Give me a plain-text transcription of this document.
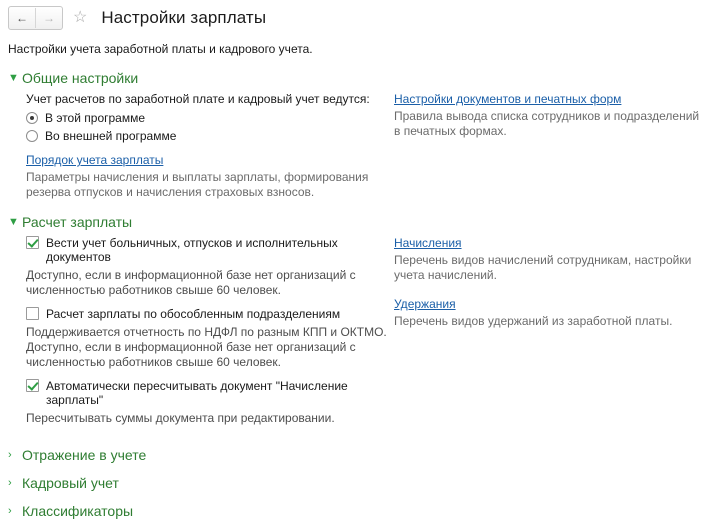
← → ☆ Настройки зарплаты
Настройки учета заработной платы и кадрового учета.
▼ Общие настройки
Учет расчетов по заработной плате и кадровый учет ведутся:
В этой программе
Во внешней программе
Порядок учета зарплаты
Параметры начисления и выплаты зарплаты, формирования резерва отпусков и начисления страховых взносов.
Настройки документов и печатных форм
Правила вывода списка сотрудников и подразделений в печатных формах.
▼ Расчет зарплаты
Вести учет больничных, отпусков и исполнительных документов
Доступно, если в информационной базе нет организаций с численностью работников свыше 60 человек.
Расчет зарплаты по обособленным подразделениям
Поддерживается отчетность по НДФЛ по разным КПП и ОКТМО. Доступно, если в информационной базе нет организаций с численностью работников свыше 60 человек.
Автоматически пересчитывать документ "Начисление зарплаты"
Пересчитывать суммы документа при редактировании.
Начисления
Перечень видов начислений сотрудникам, настройки учета начислений.
Удержания
Перечень видов удержаний из заработной платы.
› Отражение в учете
› Кадровый учет
› Классификаторы
